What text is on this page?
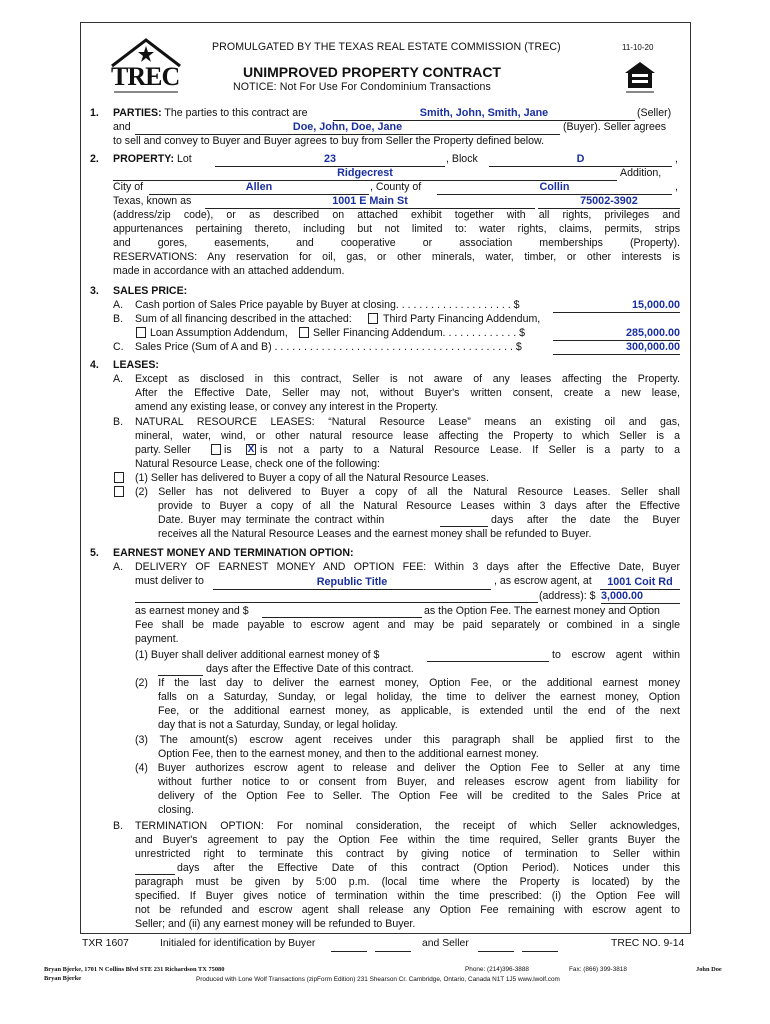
TREC
PROMULGATED BY THE TEXAS REAL ESTATE COMMISSION (TREC)	11-10-20
UNIMPROVED PROPERTY CONTRACT
NOTICE: Not For Use For Condominium Transactions
1. PARTIES: The parties to this contract are	Smith, John, Smith, Jane	(Seller)
and	Doe, John, Doe, Jane	(Buyer). Seller agrees
to sell and convey to Buyer and Buyer agrees to buy from Seller the Property defined below.
2. PROPERTY: Lot	23	, Block	D	,
Ridgecrest	Addition,
City of	Allen	, County of	Collin	,
Texas, known as	1001 E Main St	75002-3902
(address/zip code), or as described on attached exhibit together with all rights, privileges and
appurtenances pertaining thereto, including but not limited to: water rights, claims, permits, strips
and gores, easements, and cooperative or association memberships (Property).
RESERVATIONS: Any reservation for oil, gas, or other minerals, water, timber, or other interests is
made in accordance with an attached addendum.
3. SALES PRICE:
A. Cash portion of Sales Price payable by Buyer at closing. . . . . . . . . . . . . . . . . . . . $	15,000.00
B. Sum of all financing described in the attached:	Third Party Financing Addendum,
Loan Assumption Addendum, Seller Financing Addendum. . . . . . . . . . . . . $	285,000.00
C. Sales Price (Sum of A and B) . . . . . . . . . . . . . . . . . . . . . . . . . . . . . . . . . . . . . . . . . $	300,000.00
4. LEASES:
A. Except as disclosed in this contract, Seller is not aware of any leases affecting the Property.
After the Effective Date, Seller may not, without Buyer's written consent, create a new lease,
amend any existing lease, or convey any interest in the Property.
B. NATURAL RESOURCE LEASES: “Natural Resource Lease” means an existing oil and gas,
mineral, water, wind, or other natural resource lease affecting the Property to which Seller is a
party. Seller	is X is not a party to a Natural Resource Lease. If Seller is a party to a
Natural Resource Lease, check one of the following:
(1) Seller has delivered to Buyer a copy of all the Natural Resource Leases.
(2) Seller has not delivered to Buyer a copy of all the Natural Resource Leases. Seller shall
provide to Buyer a copy of all the Natural Resource Leases within 3 days after the Effective
Date. Buyer may terminate the contract within	days after the date the Buyer
receives all the Natural Resource Leases and the earnest money shall be refunded to Buyer.
5. EARNEST MONEY AND TERMINATION OPTION:
A. DELIVERY OF EARNEST MONEY AND OPTION FEE: Within 3 days after the Effective Date, Buyer
must deliver to	Republic Title	, as escrow agent, at	1001 Coit Rd
(address): $ 3,000.00
as earnest money and $	as the Option Fee. The earnest money and Option
Fee shall be made payable to escrow agent and may be paid separately or combined in a single
payment.
(1) Buyer shall deliver additional earnest money of $	to escrow agent within
days after the Effective Date of this contract.
(2) If the last day to deliver the earnest money, Option Fee, or the additional earnest money
falls on a Saturday, Sunday, or legal holiday, the time to deliver the earnest money, Option
Fee, or the additional earnest money, as applicable, is extended until the end of the next
day that is not a Saturday, Sunday, or legal holiday.
(3) The amount(s) escrow agent receives under this paragraph shall be applied first to the
Option Fee, then to the earnest money, and then to the additional earnest money.
(4) Buyer authorizes escrow agent to release and deliver the Option Fee to Seller at any time
without further notice to or consent from Buyer, and releases escrow agent from liability for
delivery of the Option Fee to Seller. The Option Fee will be credited to the Sales Price at
closing.
B. TERMINATION OPTION: For nominal consideration, the receipt of which Seller acknowledges,
and Buyer's agreement to pay the Option Fee within the time required, Seller grants Buyer the
unrestricted right to terminate this contract by giving notice of termination to Seller within
days after the Effective Date of this contract (Option Period). Notices under this
paragraph must be given by 5:00 p.m. (local time where the Property is located) by the
specified. If Buyer gives notice of termination within the time prescribed: (i) the Option Fee will
not be refunded and escrow agent shall release any Option Fee remaining with escrow agent to
Seller; and (ii) any earnest money will be refunded to Buyer.
TXR 1607	Initialed for identification by Buyer	and Seller	TREC NO. 9-14
Bryan Bjerke, 1701 N Collins Blvd STE 231 Richardson TX 75080
Bryan Bjerke
Phone: (214)396-3888	Fax: (866) 399-3818	John Doe
Produced with Lone Wolf Transactions (zipForm Edition) 231 Shearson Cr. Cambridge, Ontario, Canada N1T 1J5 www.lwolf.com
